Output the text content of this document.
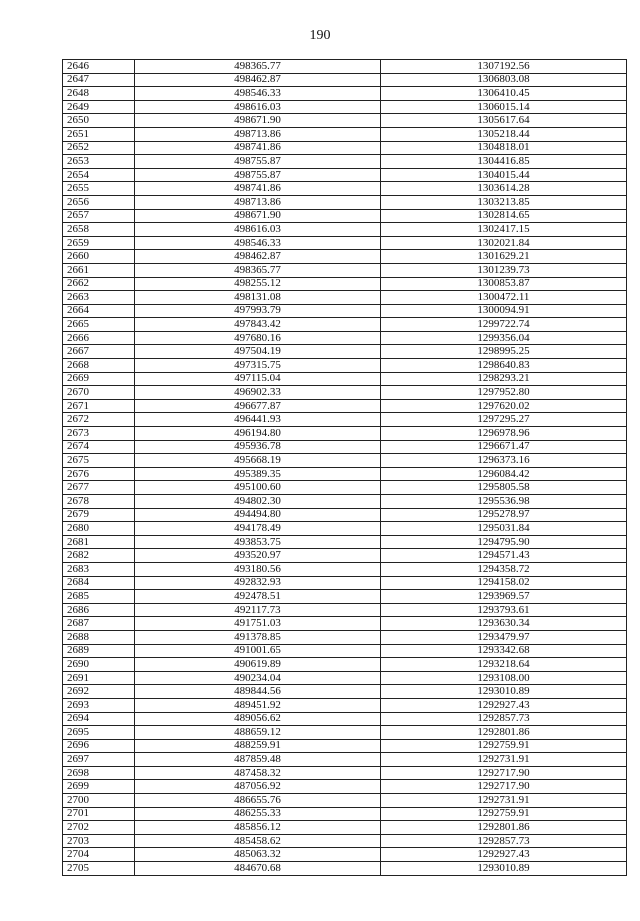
190
2646	498365.77	1307192.56
2647	498462.87	1306803.08
2648	498546.33	1306410.45
2649	498616.03	1306015.14
2650	498671.90	1305617.64
2651	498713.86	1305218.44
2652	498741.86	1304818.01
2653	498755.87	1304416.85
2654	498755.87	1304015.44
2655	498741.86	1303614.28
2656	498713.86	1303213.85
2657	498671.90	1302814.65
2658	498616.03	1302417.15
2659	498546.33	1302021.84
2660	498462.87	1301629.21
2661	498365.77	1301239.73
2662	498255.12	1300853.87
2663	498131.08	1300472.11
2664	497993.79	1300094.91
2665	497843.42	1299722.74
2666	497680.16	1299356.04
2667	497504.19	1298995.25
2668	497315.75	1298640.83
2669	497115.04	1298293.21
2670	496902.33	1297952.80
2671	496677.87	1297620.02
2672	496441.93	1297295.27
2673	496194.80	1296978.96
2674	495936.78	1296671.47
2675	495668.19	1296373.16
2676	495389.35	1296084.42
2677	495100.60	1295805.58
2678	494802.30	1295536.98
2679	494494.80	1295278.97
2680	494178.49	1295031.84
2681	493853.75	1294795.90
2682	493520.97	1294571.43
2683	493180.56	1294358.72
2684	492832.93	1294158.02
2685	492478.51	1293969.57
2686	492117.73	1293793.61
2687	491751.03	1293630.34
2688	491378.85	1293479.97
2689	491001.65	1293342.68
2690	490619.89	1293218.64
2691	490234.04	1293108.00
2692	489844.56	1293010.89
2693	489451.92	1292927.43
2694	489056.62	1292857.73
2695	488659.12	1292801.86
2696	488259.91	1292759.91
2697	487859.48	1292731.91
2698	487458.32	1292717.90
2699	487056.92	1292717.90
2700	486655.76	1292731.91
2701	486255.33	1292759.91
2702	485856.12	1292801.86
2703	485458.62	1292857.73
2704	485063.32	1292927.43
2705	484670.68	1293010.89
